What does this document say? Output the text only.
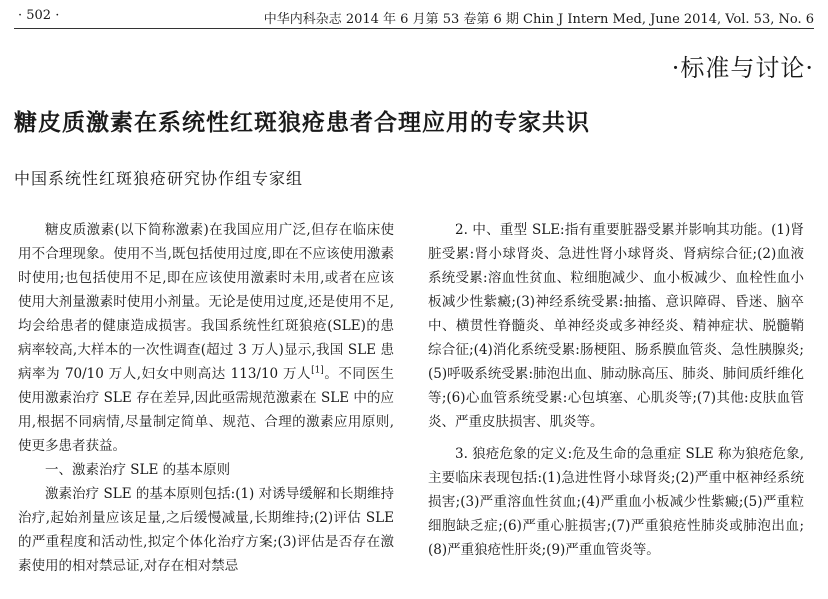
· 502 ·	中华内科杂志 2014 年 6 月第 53 卷第 6 期 Chin J Intern Med, June 2014, Vol. 53, No. 6
·标准与讨论·
糖皮质激素在系统性红斑狼疮患者合理应用的专家共识
中国系统性红斑狼疮研究协作组专家组

糖皮质激素(以下简称激素)在我国应用广泛,但存在临床使用不合理现象。使用不当,既包括使用过度,即在不应该使用激素时使用;也包括使用不足,即在应该使用激素时未用,或者在应该使用大剂量激素时使用小剂量。无论是使用过度,还是使用不足,均会给患者的健康造成损害。我国系统性红斑狼疮(SLE)的患病率较高,大样本的一次性调查(超过 3 万人)显示,我国 SLE 患病率为 70/10 万人,妇女中则高达 113/10 万人[1]。不同医生使用激素治疗 SLE 存在差异,因此亟需规范激素在 SLE 中的应用,根据不同病情,尽量制定简单、规范、合理的激素应用原则,使更多患者获益。

一、激素治疗 SLE 的基本原则

激素治疗 SLE 的基本原则包括:(1) 对诱导缓解和长期维持治疗,起始剂量应该足量,之后缓慢减量,长期维持;(2)评估 SLE 的严重程度和活动性,拟定个体化治疗方案;(3)评估是否存在激素使用的相对禁忌证,对存在相对禁忌

2. 中、重型 SLE:指有重要脏器受累并影响其功能。(1)肾脏受累:肾小球肾炎、急进性肾小球肾炎、肾病综合征;(2)血液系统受累:溶血性贫血、粒细胞减少、血小板减少、血栓性血小板减少性紫癜;(3)神经系统受累:抽搐、意识障碍、昏迷、脑卒中、横贯性脊髓炎、单神经炎或多神经炎、精神症状、脱髓鞘综合征;(4)消化系统受累:肠梗阻、肠系膜血管炎、急性胰腺炎;(5)呼吸系统受累:肺泡出血、肺动脉高压、肺炎、肺间质纤维化等;(6)心血管系统受累:心包填塞、心肌炎等;(7)其他:皮肤血管炎、严重皮肤损害、肌炎等。

3. 狼疮危象的定义:危及生命的急重症 SLE 称为狼疮危象,主要临床表现包括:(1)急进性肾小球肾炎;(2)严重中枢神经系统损害;(3)严重溶血性贫血;(4)严重血小板减少性紫癜;(5)严重粒细胞缺乏症;(6)严重心脏损害;(7)严重狼疮性肺炎或肺泡出血;(8)严重狼疮性肝炎;(9)严重血管炎等。
